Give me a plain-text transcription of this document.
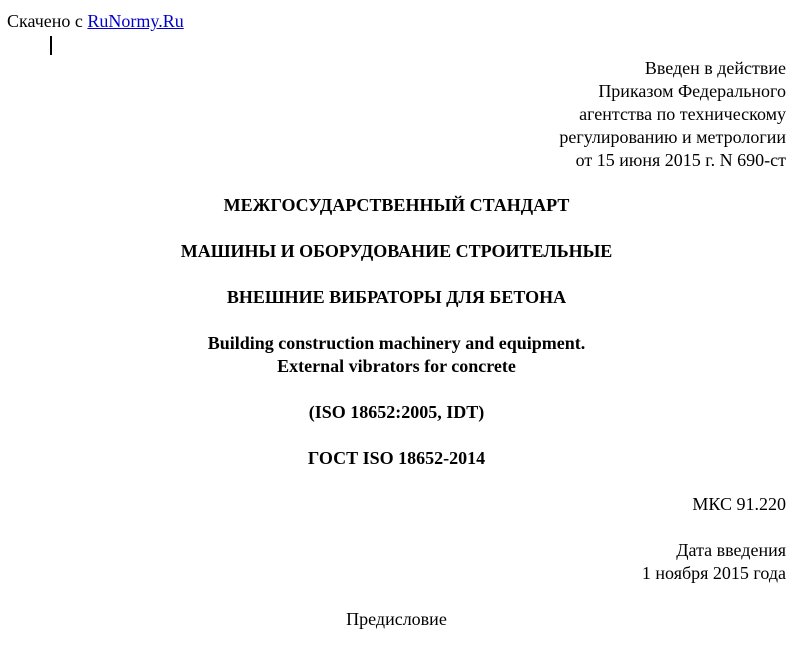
Скачено с RuNormy.Ru
Введен в действие
Приказом Федерального
агентства по техническому
регулированию и метрологии
от 15 июня 2015 г. N 690-ст
МЕЖГОСУДАРСТВЕННЫЙ СТАНДАРТ
МАШИНЫ И ОБОРУДОВАНИЕ СТРОИТЕЛЬНЫЕ
ВНЕШНИЕ ВИБРАТОРЫ ДЛЯ БЕТОНА
Building construction machinery and equipment.
External vibrators for concrete
(ISO 18652:2005, IDT)
ГОСТ ISO 18652-2014
МКС 91.220
Дата введения
1 ноября 2015 года
Предисловие
